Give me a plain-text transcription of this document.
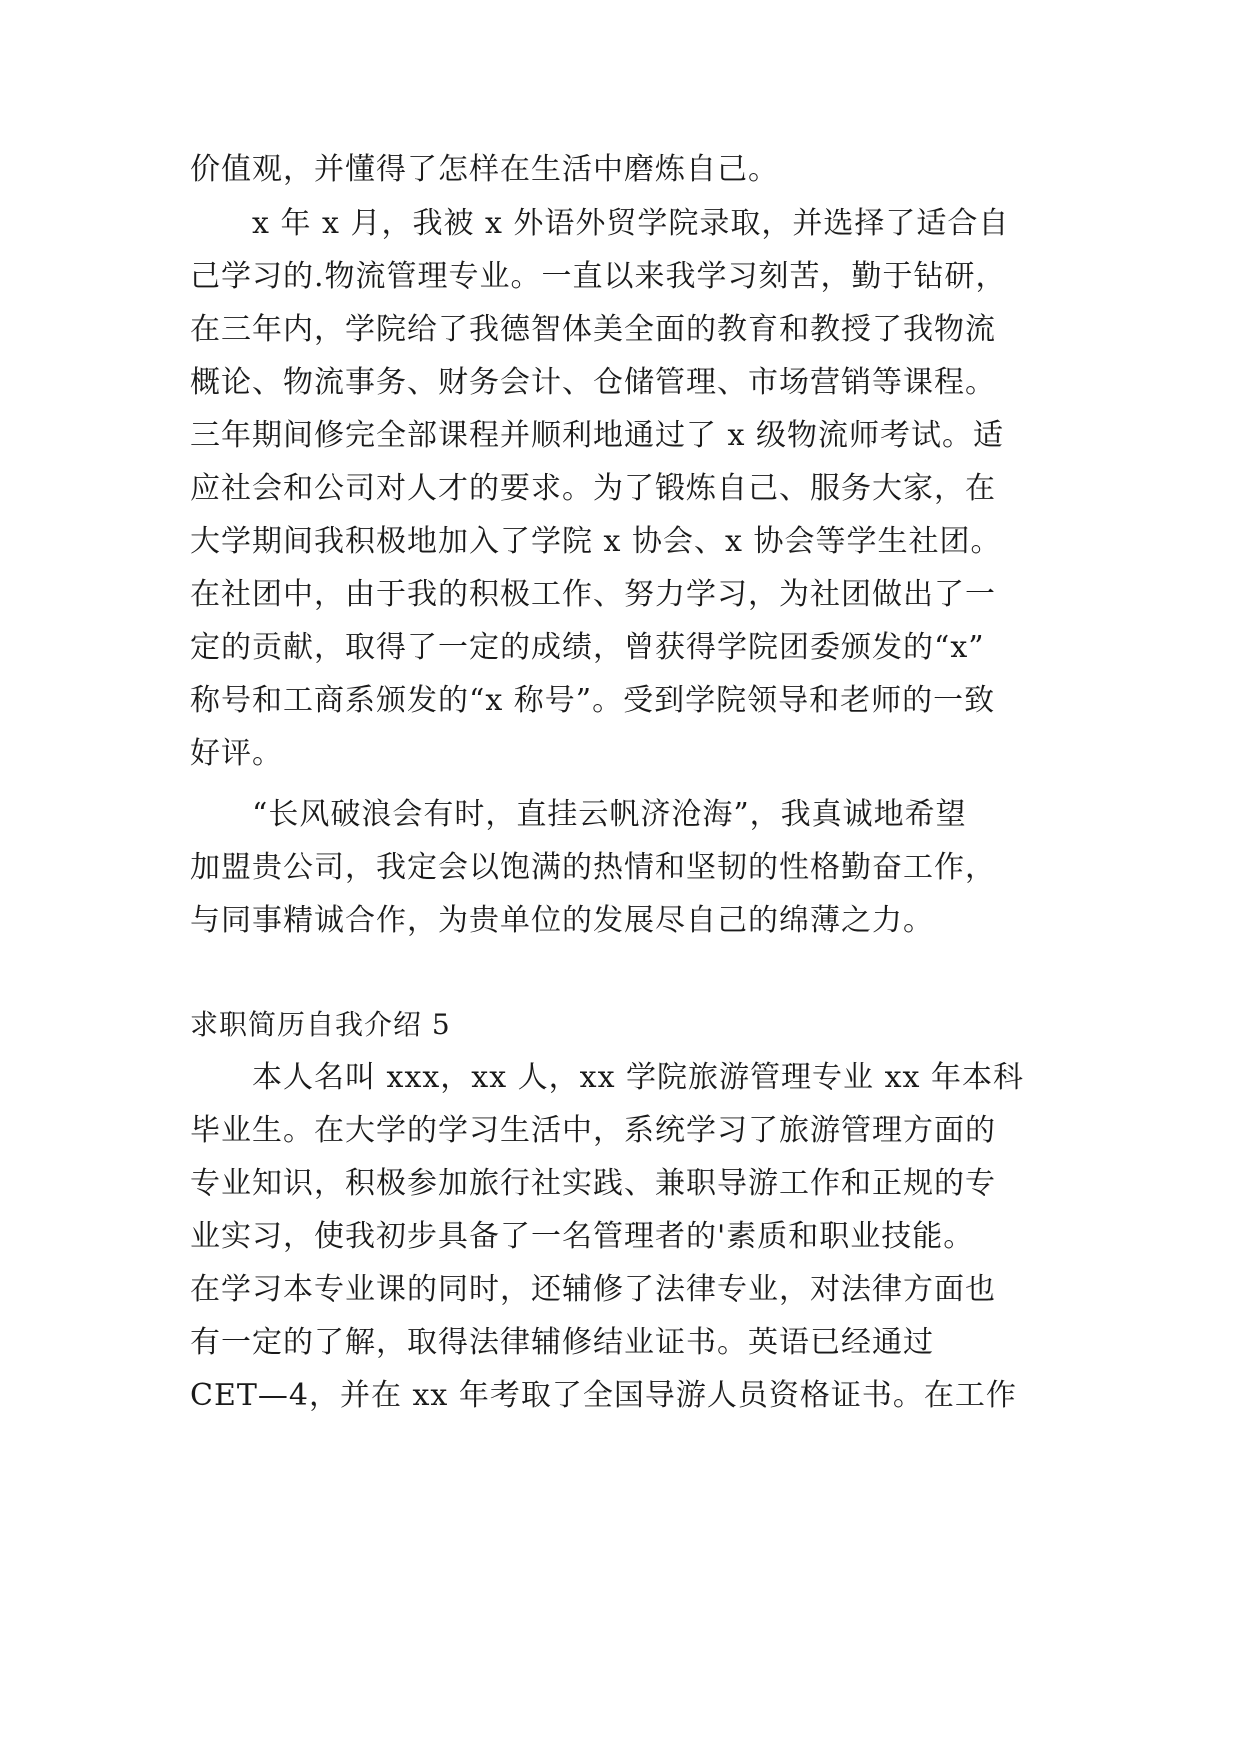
价值观，并懂得了怎样在生活中磨炼自己。
x 年 x 月，我被 x 外语外贸学院录取，并选择了适合自
己学习的.物流管理专业。一直以来我学习刻苦，勤于钻研，
在三年内，学院给了我德智体美全面的教育和教授了我物流
概论、物流事务、财务会计、仓储管理、市场营销等课程。
三年期间修完全部课程并顺利地通过了 x 级物流师考试。适
应社会和公司对人才的要求。为了锻炼自己、服务大家，在
大学期间我积极地加入了学院 x 协会、x 协会等学生社团。
在社团中，由于我的积极工作、努力学习，为社团做出了一
定的贡献，取得了一定的成绩，曾获得学院团委颁发的“x”
称号和工商系颁发的“x 称号”。受到学院领导和老师的一致
好评。
“长风破浪会有时，直挂云帆济沧海”，我真诚地希望
加盟贵公司，我定会以饱满的热情和坚韧的性格勤奋工作，
与同事精诚合作，为贵单位的发展尽自己的绵薄之力。
求职简历自我介绍 5
本人名叫 xxx，xx 人，xx 学院旅游管理专业 xx 年本科
毕业生。在大学的学习生活中，系统学习了旅游管理方面的
专业知识，积极参加旅行社实践、兼职导游工作和正规的专
业实习，使我初步具备了一名管理者的'素质和职业技能。
在学习本专业课的同时，还辅修了法律专业，对法律方面也
有一定的了解，取得法律辅修结业证书。英语已经通过
CET—4，并在 xx 年考取了全国导游人员资格证书。在工作
